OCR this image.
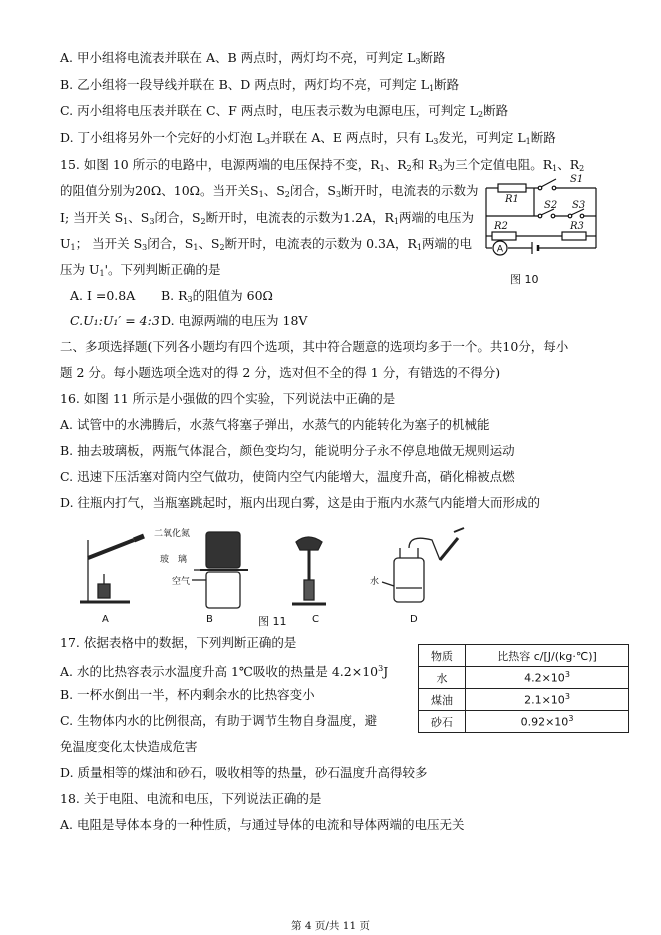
A. 甲小组将电流表并联在 A、B 两点时，两灯均不亮，可判定 $L_3$断路
B. 乙小组将一段导线并联在 B、D 两点时，两灯均不亮，可判定 $L_1$断路
C. 丙小组将电压表并联在 C、F 两点时，电压表示数为电源电压，可判定 $L_2$断路
D. 丁小组将另外一个完好的小灯泡 $L_3$并联在 A、E 两点时，只有 $L_3$发光，可判定 $L_1$断路
15. 如图 10 所示的电路中，电源两端的电压保持不变，$R_1$、$R_2$和 $R_3$为三个定值电阻。$R_1$、$R_2$
的阻值分别为20Ω、10Ω。当开关$S_1$、$S_2$闭合，$S_3$断开时，电流表的示数为
I; 当开关 $S_1$、$S_3$闭合，$S_2$断开时，电流表的示数为1.2A，$R_1$两端的电压为
$U_1$； 当开关 $S_3$闭合，$S_1$、$S_2$断开时，电流表的示数为 0.3A，$R_1$两端的电
压为 $U_1'$。下列判断正确的是
A. I =0.8A B. $R_3$的阻值为 60Ω
C.U₁:U₁′ = 4:3 D. 电源两端的电压为 18V
A
S1
S2 S3
R1
R2	R3
图 10
二、多项选择题(下列各小题均有四个选项，其中符合题意的选项均多于一个。共10分，每小
题 2 分。每小题选项全选对的得 2 分，选对但不全的得 1 分，有错选的不得分)
16. 如图 11 所示是小强做的四个实验，下列说法中正确的是
A. 试管中的水沸腾后，水蒸气将塞子弹出，水蒸气的内能转化为塞子的机械能
B. 抽去玻璃板，两瓶气体混合，颜色变均匀，能说明分子永不停息地做无规则运动
C. 迅速下压活塞对筒内空气做功，使筒内空气内能增大，温度升高，硝化棉被点燃
D. 往瓶内打气，当瓶塞跳起时，瓶内出现白雾，这是由于瓶内水蒸气内能增大而形成的
A	B	C	D
二氧化氮
玻　璃
空气	水
图 11
17. 依据表格中的数据，下列判断正确的是
A. 水的比热容表示水温度升高 1℃吸收的热量是 $4.2\times 10^3J$
B. 一杯水倒出一半，杯内剩余水的比热容变小
C. 生物体内水的比例很高，有助于调节生物自身温度，避
免温度变化太快造成危害
D. 质量相等的煤油和砂石，吸收相等的热量，砂石温度升高得较多
物质	比热容 c/[J/(kg·℃)]
水	$4.2\times 10^3$
煤油	$2.1\times 10^3$
砂石	$0.92\times 10^3$
18. 关于电阻、电流和电压，下列说法正确的是
A. 电阻是导体本身的一种性质，与通过导体的电流和导体两端的电压无关
第 4 页/共 11 页
